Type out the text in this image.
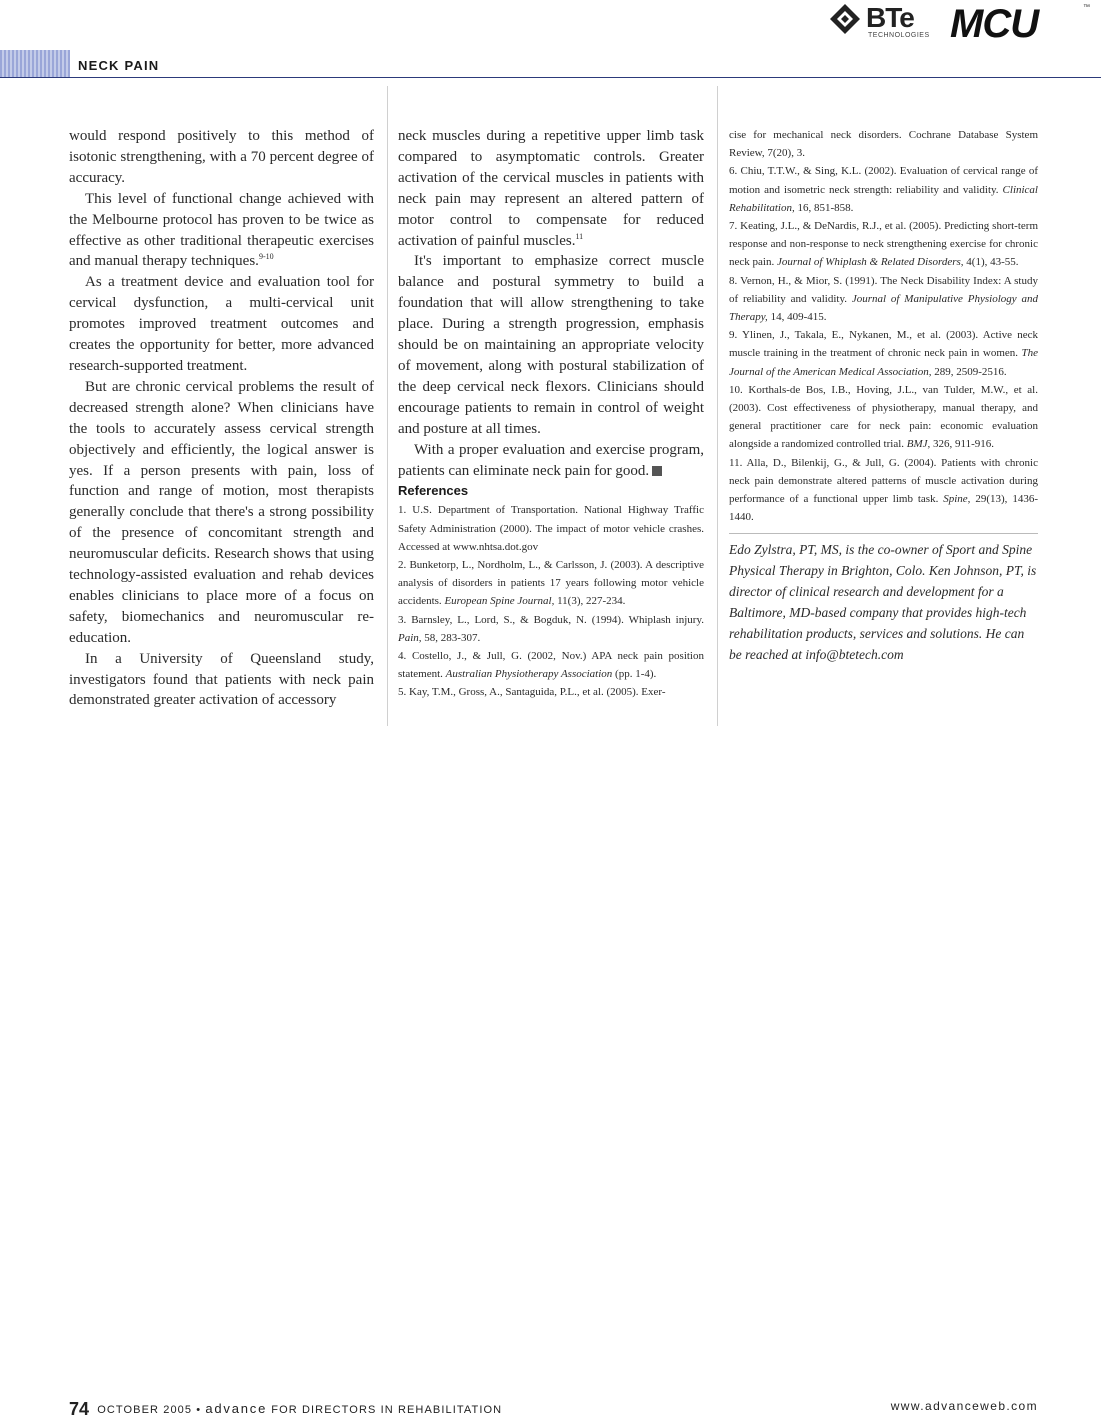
BTe
TECHNOLOGIES MCU	™
NECK PAIN

would respond positively to this method of isotonic strengthening, with a 70 percent degree of accuracy.

This level of functional change achieved with the Melbourne protocol has proven to be twice as effective as other traditional therapeutic exercises and manual therapy techniques.$^{9-10}$

As a treatment device and evaluation tool for cervical dysfunction, a multi-cervical unit promotes improved treatment outcomes and creates the opportunity for better, more advanced research-supported treatment.

But are chronic cervical problems the result of decreased strength alone? When clinicians have the tools to accurately assess cervical strength objectively and efficiently, the logical answer is yes. If a person presents with pain, loss of function and range of motion, most therapists generally conclude that there's a strong possibility of the presence of concomitant strength and neuromuscular deficits. Research shows that using technology-assisted evaluation and rehab devices enables clinicians to place more of a focus on safety, biomechanics and neuromuscular re-education.

In a University of Queensland study, investigators found that patients with neck pain demonstrated greater activation of accessory

neck muscles during a repetitive upper limb task compared to asymptomatic controls. Greater activation of the cervical muscles in patients with neck pain may represent an altered pattern of motor control to compensate for reduced activation of painful muscles.$^{11}$

It's important to emphasize correct muscle balance and postural symmetry to build a foundation that will allow strengthening to take place. During a strength progression, emphasis should be on maintaining an appropriate velocity of movement, along with postural stabilization of the deep cervical neck flexors. Clinicians should encourage patients to remain in control of weight and posture at all times.

With a proper evaluation and exercise program, patients can eliminate neck pain for good.

References

1. U.S. Department of Transportation. National Highway Traffic Safety Administration (2000). The impact of motor vehicle crashes. Accessed at www.nhtsa.dot.gov

2. Bunketorp, L., Nordholm, L., & Carlsson, J. (2003). A descriptive analysis of disorders in patients 17 years following motor vehicle accidents. European Spine Journal, 11(3), 227-234.

3. Barnsley, L., Lord, S., & Bogduk, N. (1994). Whiplash injury. Pain, 58, 283-307.

4. Costello, J., & Jull, G. (2002, Nov.) APA neck pain position statement. Australian Physiotherapy Association (pp. 1-4).

5. Kay, T.M., Gross, A., Santaguida, P.L., et al. (2005). Exer-

cise for mechanical neck disorders. Cochrane Database System Review, 7(20), 3.

6. Chiu, T.T.W., & Sing, K.L. (2002). Evaluation of cervical range of motion and isometric neck strength: reliability and validity. Clinical Rehabilitation, 16, 851-858.

7. Keating, J.L., & DeNardis, R.J., et al. (2005). Predicting short-term response and non-response to neck strengthening exercise for chronic neck pain. Journal of Whiplash & Related Disorders, 4(1), 43-55.

8. Vernon, H., & Mior, S. (1991). The Neck Disability Index: A study of reliability and validity. Journal of Manipulative Physiology and Therapy, 14, 409-415.

9. Ylinen, J., Takala, E., Nykanen, M., et al. (2003). Active neck muscle training in the treatment of chronic neck pain in women. The Journal of the American Medical Association, 289, 2509-2516.

10. Korthals-de Bos, I.B., Hoving, J.L., van Tulder, M.W., et al. (2003). Cost effectiveness of physiotherapy, manual therapy, and general practitioner care for neck pain: economic evaluation alongside a randomized controlled trial. BMJ, 326, 911-916.

11. Alla, D., Bilenkij, G., & Jull, G. (2004). Patients with chronic neck pain demonstrate altered patterns of muscle activation during performance of a functional upper limb task. Spine, 29(13), 1436-1440.

Edo Zylstra, PT, MS, is the co-owner of Sport and Spine Physical Therapy in Brighton, Colo. Ken Johnson, PT, is director of clinical research and development for a Baltimore, MD-based company that provides high-tech rehabilitation products, services and solutions. He can be reached at info@btetech.com

74 OCTOBER 2005 • advance FOR DIRECTORS IN REHABILITATION	www.advanceweb.com
